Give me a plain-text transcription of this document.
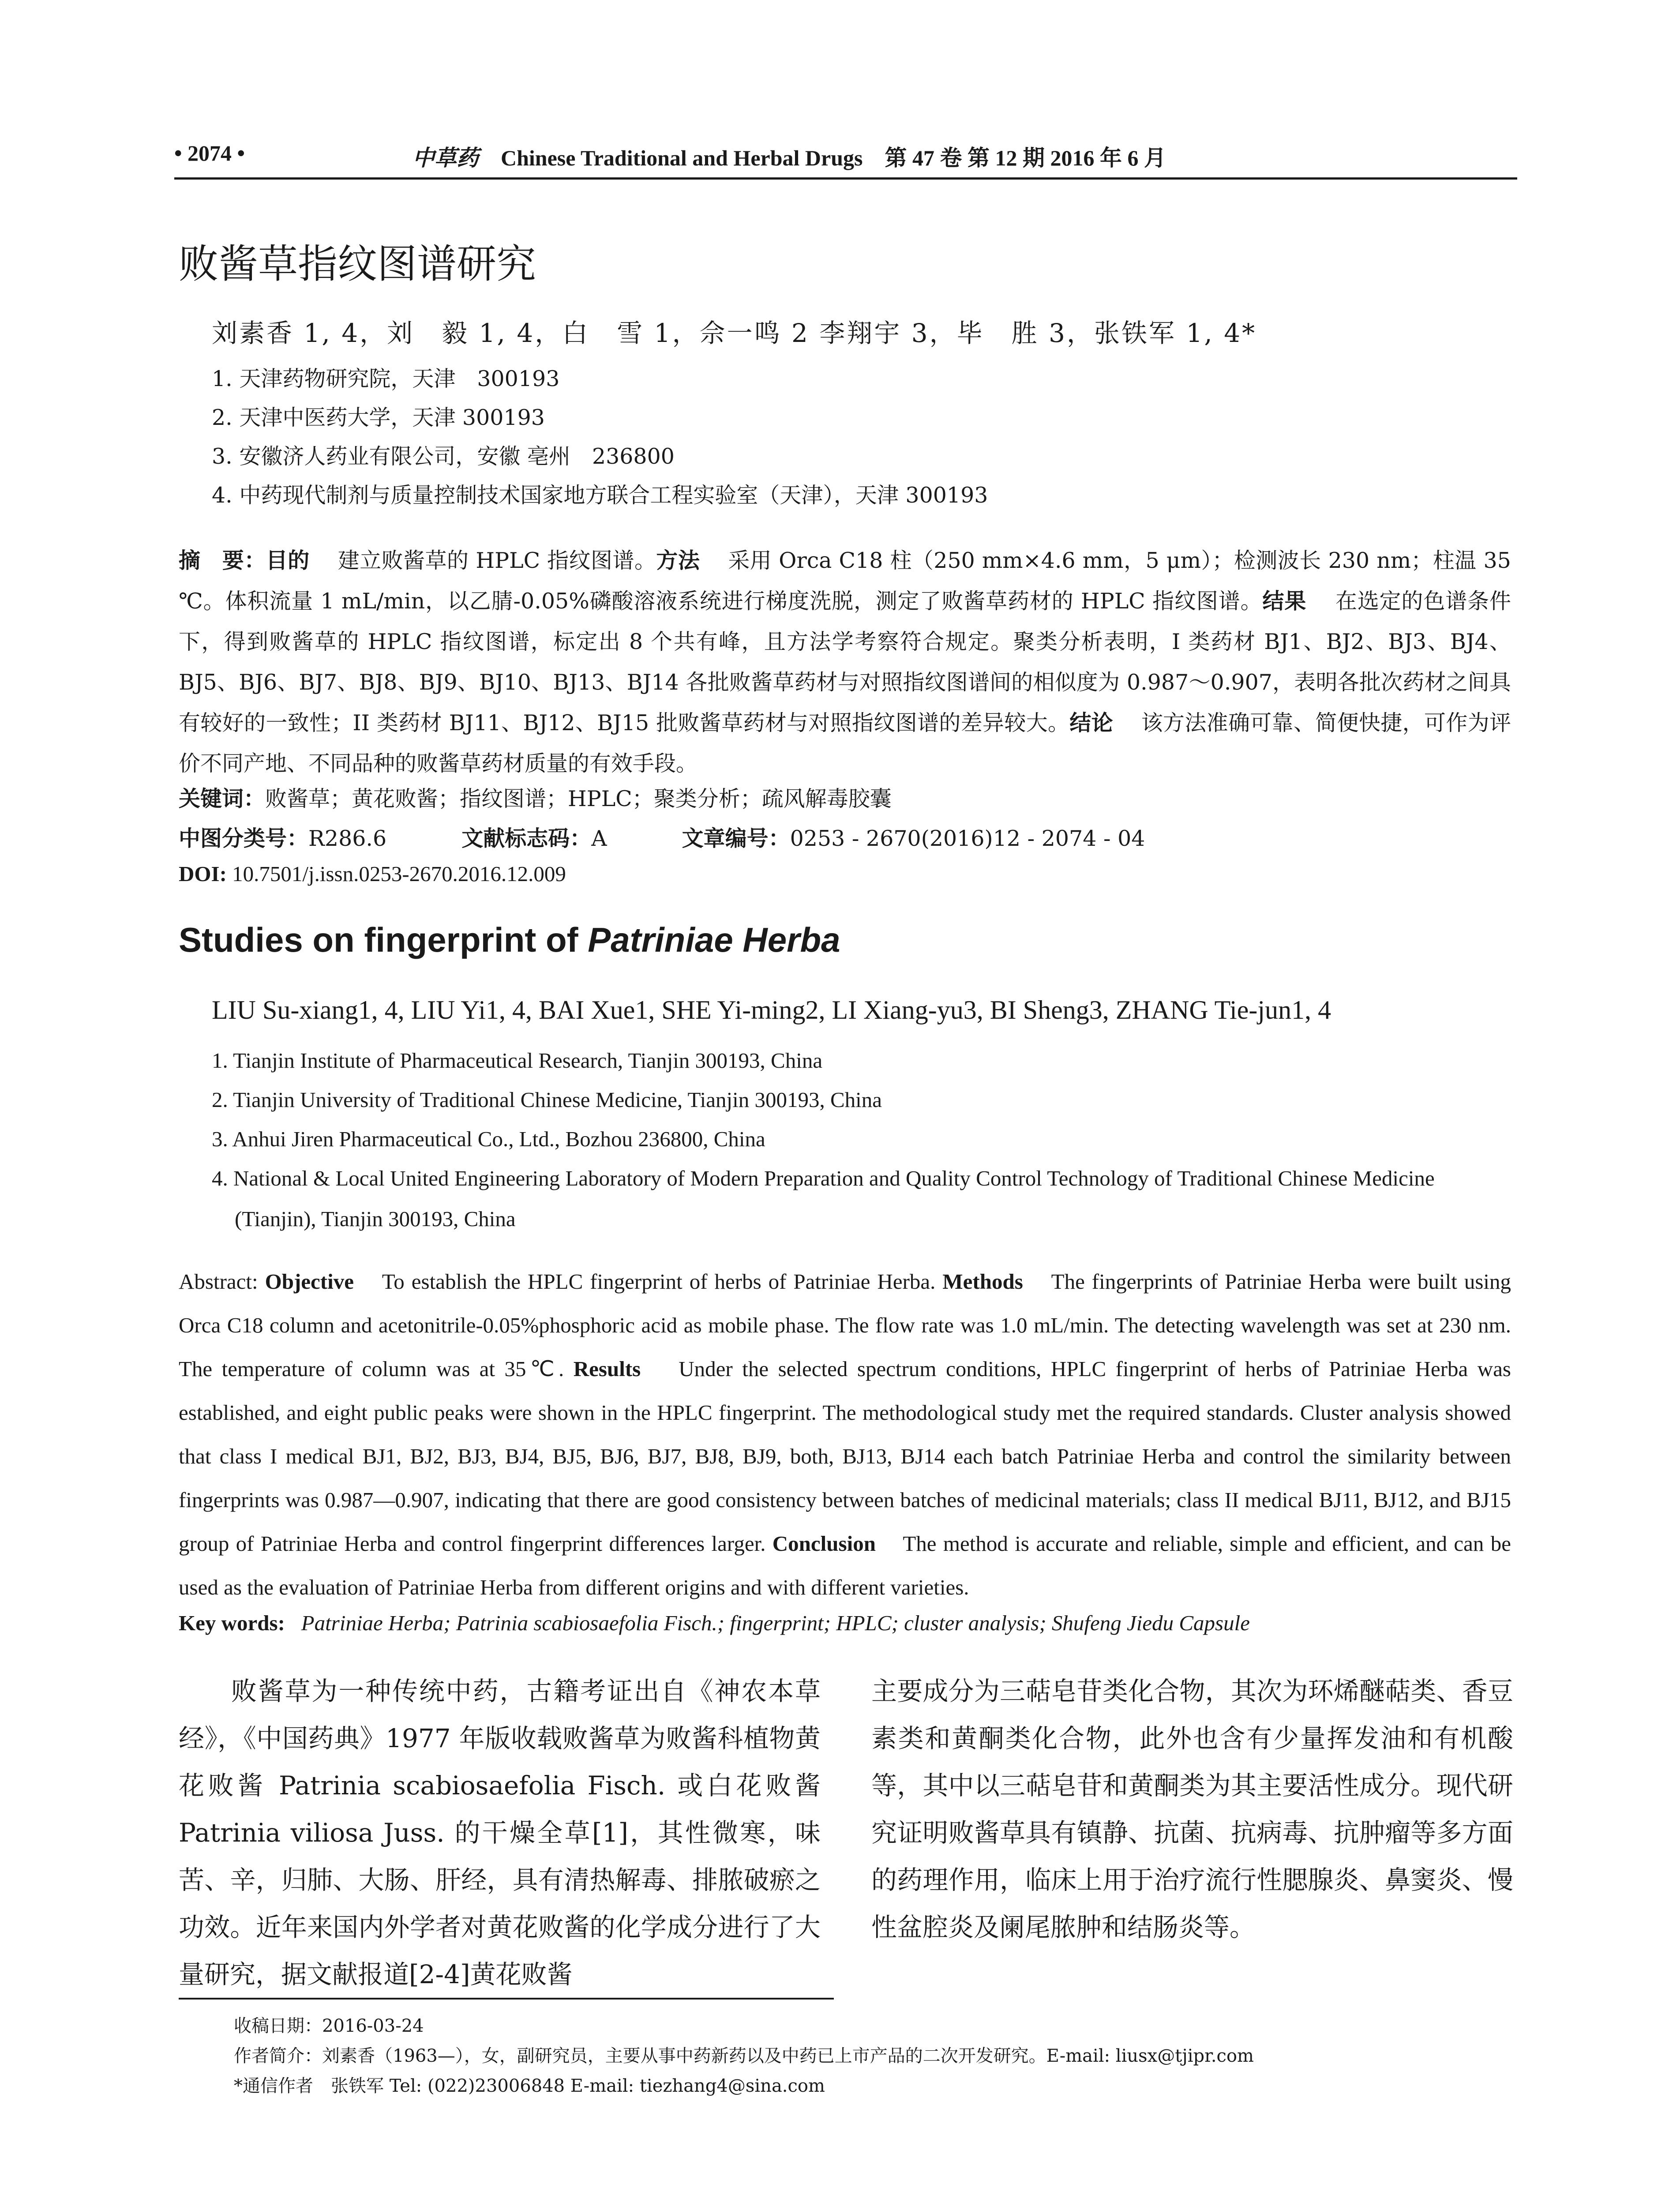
• 2074 •	中草药 Chinese Traditional and Herbal Drugs 第 47 卷 第 12 期 2016 年 6 月
败酱草指纹图谱研究
刘素香 1, 4，刘　毅 1, 4，白　雪 1，佘一鸣 2 李翔宇 3，毕　胜 3，张铁军 1, 4*
1. 天津药物研究院，天津　300193
2. 天津中医药大学，天津 300193
3. 安徽济人药业有限公司，安徽 亳州　236800
4. 中药现代制剂与质量控制技术国家地方联合工程实验室（天津），天津 300193
摘　要：目的 建立败酱草的 HPLC 指纹图谱。方法 采用 Orca C18 柱（250 mm×4.6 mm，5 μm）；检测波长 230 nm；柱温 35 ℃。体积流量 1 mL/min，以乙腈-0.05%磷酸溶液系统进行梯度洗脱，测定了败酱草药材的 HPLC 指纹图谱。结果 在选定的色谱条件下，得到败酱草的 HPLC 指纹图谱，标定出 8 个共有峰，且方法学考察符合规定。聚类分析表明，I 类药材 BJ1、BJ2、BJ3、BJ4、BJ5、BJ6、BJ7、BJ8、BJ9、BJ10、BJ13、BJ14 各批败酱草药材与对照指纹图谱间的相似度为 0.987～0.907，表明各批次药材之间具有较好的一致性；II 类药材 BJ11、BJ12、BJ15 批败酱草药材与对照指纹图谱的差异较大。结论 该方法准确可靠、简便快捷，可作为评价不同产地、不同品种的败酱草药材质量的有效手段。
关键词：败酱草；黄花败酱；指纹图谱；HPLC；聚类分析；疏风解毒胶囊
中图分类号：R286.6	文献标志码：A	文章编号：0253 - 2670(2016)12 - 2074 - 04
DOI: 10.7501/j.issn.0253-2670.2016.12.009
Studies on fingerprint of Patriniae Herba
LIU Su-xiang1, 4, LIU Yi1, 4, BAI Xue1, SHE Yi-ming2, LI Xiang-yu3, BI Sheng3, ZHANG Tie-jun1, 4
1. Tianjin Institute of Pharmaceutical Research, Tianjin 300193, China
2. Tianjin University of Traditional Chinese Medicine, Tianjin 300193, China
3. Anhui Jiren Pharmaceutical Co., Ltd., Bozhou 236800, China
4. National & Local United Engineering Laboratory of Modern Preparation and Quality Control Technology of Traditional Chinese Medicine (Tianjin), Tianjin 300193, China
Abstract: Objective To establish the HPLC fingerprint of herbs of Patriniae Herba. Methods The fingerprints of Patriniae Herba were built using Orca C18 column and acetonitrile-0.05%phosphoric acid as mobile phase. The flow rate was 1.0 mL/min. The detecting wavelength was set at 230 nm. The temperature of column was at 35℃. Results Under the selected spectrum conditions, HPLC fingerprint of herbs of Patriniae Herba was established, and eight public peaks were shown in the HPLC fingerprint. The methodological study met the required standards. Cluster analysis showed that class I medical BJ1, BJ2, BJ3, BJ4, BJ5, BJ6, BJ7, BJ8, BJ9, both, BJ13, BJ14 each batch Patriniae Herba and control the similarity between fingerprints was 0.987—0.907, indicating that there are good consistency between batches of medicinal materials; class II medical BJ11, BJ12, and BJ15 group of Patriniae Herba and control fingerprint differences larger. Conclusion The method is accurate and reliable, simple and efficient, and can be used as the evaluation of Patriniae Herba from different origins and with different varieties.
Key words: Patriniae Herba; Patrinia scabiosaefolia Fisch.; fingerprint; HPLC; cluster analysis; Shufeng Jiedu Capsule
败酱草为一种传统中药，古籍考证出自《神农本草经》，《中国药典》1977 年版收载败酱草为败酱科植物黄花败酱 Patrinia scabiosaefolia Fisch. 或白花败酱 Patrinia viliosa Juss. 的干燥全草[1]，其性微寒，味苦、辛，归肺、大肠、肝经，具有清热解毒、排脓破瘀之功效。近年来国内外学者对黄花败酱的化学成分进行了大量研究，据文献报道[2-4]黄花败酱
主要成分为三萜皂苷类化合物，其次为环烯醚萜类、香豆素类和黄酮类化合物，此外也含有少量挥发油和有机酸等，其中以三萜皂苷和黄酮类为其主要活性成分。现代研究证明败酱草具有镇静、抗菌、抗病毒、抗肿瘤等多方面的药理作用，临床上用于治疗流行性腮腺炎、鼻窦炎、慢性盆腔炎及阑尾脓肿和结肠炎等。
收稿日期：2016-03-24
作者简介：刘素香（1963—），女，副研究员，主要从事中药新药以及中药已上市产品的二次开发研究。E-mail: liusx@tjipr.com
*通信作者　张铁军 Tel: (022)23006848 E-mail: tiezhang4@sina.com
